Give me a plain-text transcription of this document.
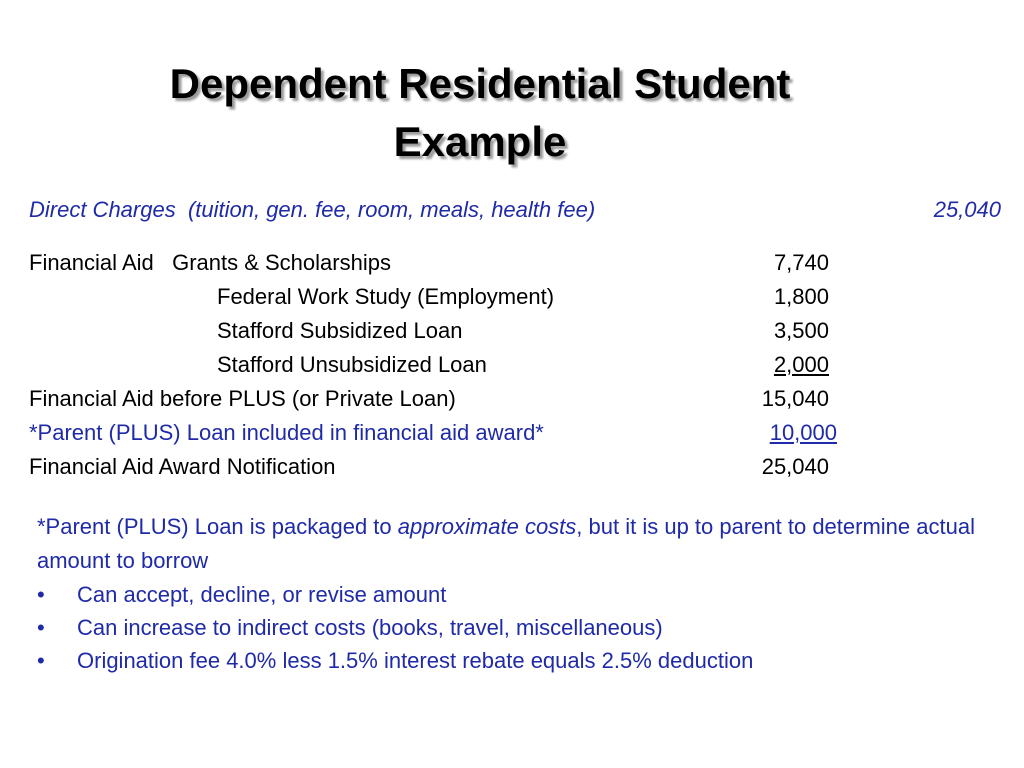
Dependent Residential Student
Example
Direct Charges  (tuition, gen. fee, room, meals, health fee)	25,040
Financial Aid   Grants & Scholarships	7,740
Federal Work Study (Employment)	1,800
Stafford Subsidized Loan	3,500
Stafford Unsubsidized Loan	2,000
Financial Aid before PLUS (or Private Loan)	15,040
*Parent (PLUS) Loan included in financial aid award*	10,000
Financial Aid Award Notification	25,040

*Parent (PLUS) Loan is packaged to approximate costs, but it is up to parent to determine actual amount to borrow

• Can accept, decline, or revise amount
• Can increase to indirect costs (books, travel, miscellaneous)
• Origination fee 4.0% less 1.5% interest rebate equals 2.5% deduction
